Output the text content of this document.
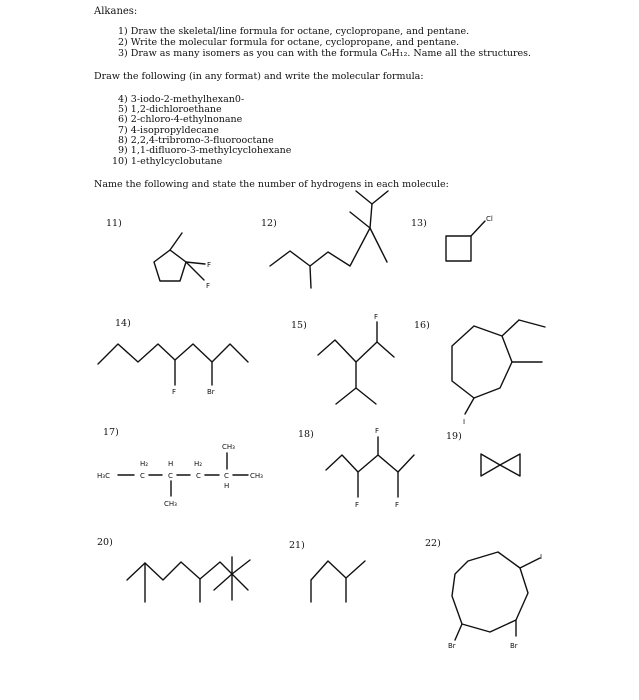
Alkanes:
1) Draw the skeletal/line formula for octane, cyclopropane, and pentane.
2) Write the molecular formula for octane, cyclopropane, and pentane.
3) Draw as many isomers as you can with the formula C₆H₁₂. Name all the structures.
Draw the following (in any format) and write the molecular formula:
4) 3-iodo-2-methylhexan0-
5) 1,2-dichloroethane
6) 2-chloro-4-ethylnonane
7) 4-isopropyldecane
8) 2,2,4-tribromo-3-fluorooctane
9) 1,1-difluoro-3-methylcyclohexane
10) 1-ethylcyclobutane
Name the following and state the number of hydrogens in each molecule:
11)	12)	13)
14)	15)	16)
17)	18)	19)
20)	21)	22)
F
F
Cl
F	Br
F
I
H₃C
H₂
C
H
C
CH₃
H₂
C
CH₃
C
H
CH₃
F
F	F
I
Br	Br
